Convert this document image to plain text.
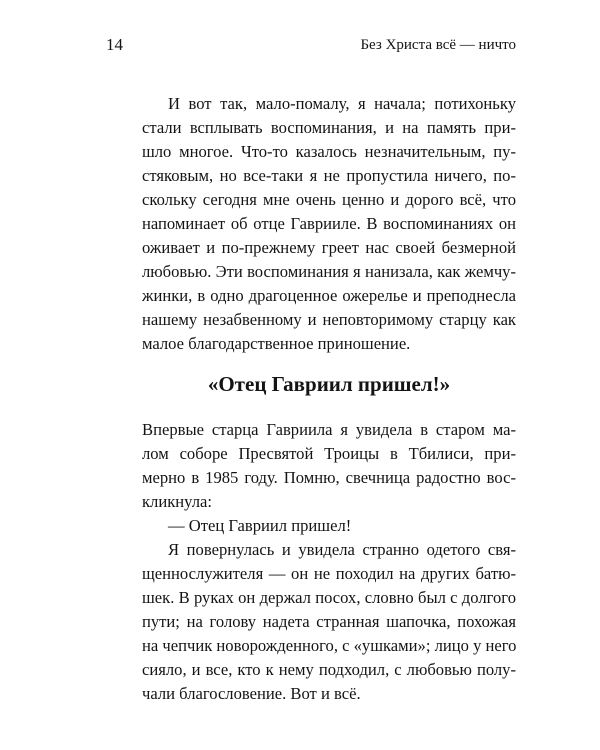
14	Без Христа всё — ничто
И вот так, мало-помалу, я начала; потихоньку
стали всплывать воспоминания, и на память при-
шло многое. Что-то казалось незначительным, пу-
стяковым, но все-таки я не пропустила ничего, по-
скольку сегодня мне очень ценно и дорого всё, что
напоминает об отце Гаврииле. В воспоминаниях он
оживает и по-прежнему греет нас своей безмерной
любовью. Эти воспоминания я нанизала, как жемчу-
жинки, в одно драгоценное ожерелье и преподнесла
нашему незабвенному и неповторимому старцу как
малое благодарственное приношение.
«Отец Гавриил пришел!»
Впервые старца Гавриила я увидела в старом ма-
лом соборе Пресвятой Троицы в Тбилиси, при-
мерно в 1985 году. Помню, свечница радостно вос-
кликнула:
— Отец Гавриил пришел!
Я повернулась и увидела странно одетого свя-
щеннослужителя — он не походил на других батю-
шек. В руках он держал посох, словно был с долгого
пути; на голову надета странная шапочка, похожая
на чепчик новорожденного, с «ушками»; лицо у него
сияло, и все, кто к нему подходил, с любовью полу-
чали благословение. Вот и всё.
